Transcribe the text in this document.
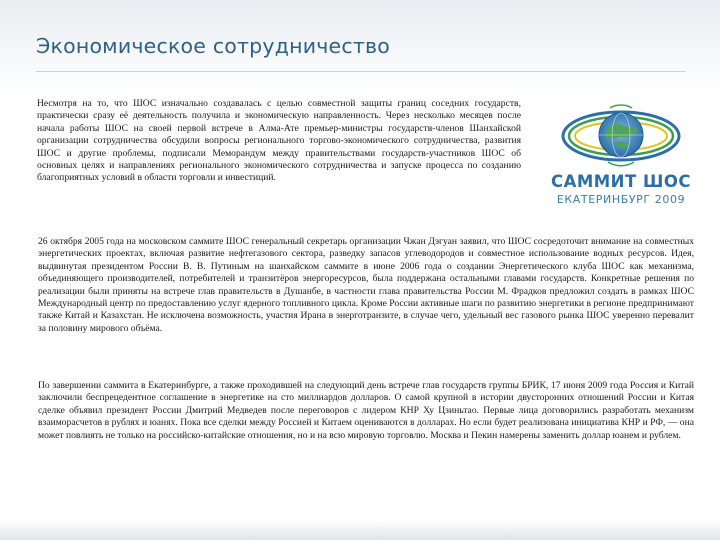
Экономическое сотрудничество

Несмотря на то, что ШОС изначально создавалась с целью совместной защиты границ соседних государств, практически сразу её деятельность получила и экономическую направленность. Через несколько месяцев после начала работы ШОС на своей первой встрече в Алма-Ате премьер-министры государств-членов Шанхайской организации сотрудничества обсудили вопросы регионального торгово-экономического сотрудничества, развития ШОС и другие проблемы, подписали Меморандум между правительствами государств-участников ШОС об основных целях и направлениях регионального экономического сотрудничества и запуске процесса по созданию благоприятных условий в области торговли и инвестиций.	САММИТ ШОС
ЕКАТЕРИНБУРГ 2009

26 октября 2005 года на московском саммите ШОС генеральный секретарь организации Чжан Дэгуан заявил, что ШОС сосредоточит внимание на совместных энергетических проектах, включая развитие нефтегазового сектора, разведку запасов углеводородов и совместное использование водных ресурсов. Идея, выдвинутая президентом России В. В. Путиным на шанхайском саммите в июне 2006 года о создании Энергетического клуба ШОС как механизма, объединяющего производителей, потребителей и транзитёров энергоресурсов, была поддержана остальными главами государств. Конкретные решения по реализации были приняты на встрече глав правительств в Душанбе, в частности глава правительства России М. Фрадков предложил создать в рамках ШОС Международный центр по предоставлению услуг ядерного топливного цикла. Кроме России активные шаги по развитию энергетики в регионе предпринимают также Китай и Казахстан. Не исключена возможность, участия Ирана в энерготранзите, в случае чего, удельный вес газового рынка ШОС уверенно перевалит за половину мирового объёма.

По завершении саммита в Екатеринбурге, а также проходившей на следующий день встрече глав государств группы БРИК, 17 июня 2009 года Россия и Китай заключили беспрецедентное соглашение в энергетике на сто миллиардов долларов. О самой крупной в истории двусторонних отношений России и Китая сделке объявил президент России Дмитрий Медведев после переговоров с лидером КНР Ху Цзиньтао. Первые лица договорились разработать механизм взаиморасчетов в рублях и юанях. Пока все сделки между Россией и Китаем оцениваются в долларах. Но если будет реализована инициатива КНР и РФ, — она может повлиять не только на российско-китайские отношения, но и на всю мировую торговлю. Москва и Пекин намерены заменить доллар юанем и рублем.
